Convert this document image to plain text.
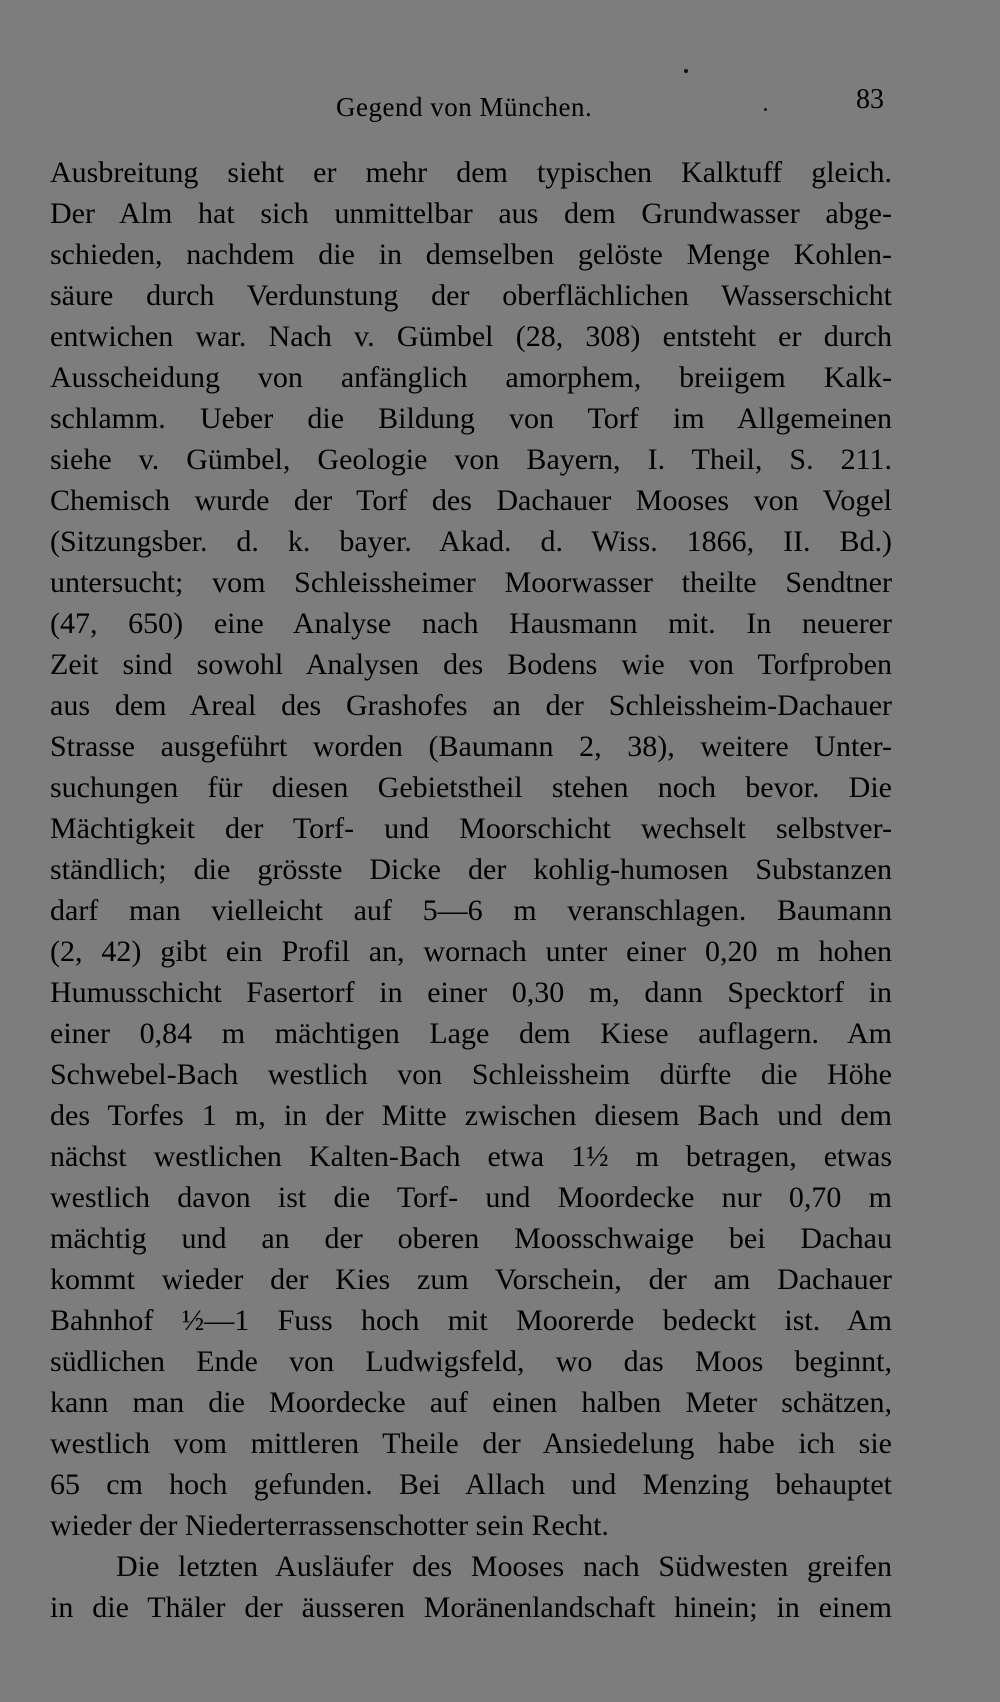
Gegend von München.	83
Ausbreitung sieht er mehr dem typischen Kalktuff gleich.
Der Alm hat sich unmittelbar aus dem Grundwasser abge-
schieden, nachdem die in demselben gelöste Menge Kohlen-
säure durch Verdunstung der oberflächlichen Wasserschicht
entwichen war. Nach v. Gümbel (28, 308) entsteht er durch
Ausscheidung von anfänglich amorphem, breiigem Kalk-
schlamm. Ueber die Bildung von Torf im Allgemeinen
siehe v. Gümbel, Geologie von Bayern, I. Theil, S. 211.
Chemisch wurde der Torf des Dachauer Mooses von Vogel
(Sitzungsber. d. k. bayer. Akad. d. Wiss. 1866, II. Bd.)
untersucht; vom Schleissheimer Moorwasser theilte Sendtner
(47, 650) eine Analyse nach Hausmann mit. In neuerer
Zeit sind sowohl Analysen des Bodens wie von Torfproben
aus dem Areal des Grashofes an der Schleissheim-Dachauer
Strasse ausgeführt worden (Baumann 2, 38), weitere Unter-
suchungen für diesen Gebietstheil stehen noch bevor. Die
Mächtigkeit der Torf- und Moorschicht wechselt selbstver-
ständlich; die grösste Dicke der kohlig-humosen Substanzen
darf man vielleicht auf 5—6 m veranschlagen. Baumann
(2, 42) gibt ein Profil an, wornach unter einer 0,20 m hohen
Humusschicht Fasertorf in einer 0,30 m, dann Specktorf in
einer 0,84 m mächtigen Lage dem Kiese auflagern. Am
Schwebel-Bach westlich von Schleissheim dürfte die Höhe
des Torfes 1 m, in der Mitte zwischen diesem Bach und dem
nächst westlichen Kalten-Bach etwa 1½ m betragen, etwas
westlich davon ist die Torf- und Moordecke nur 0,70 m
mächtig und an der oberen Moosschwaige bei Dachau
kommt wieder der Kies zum Vorschein, der am Dachauer
Bahnhof ½—1 Fuss hoch mit Moorerde bedeckt ist. Am
südlichen Ende von Ludwigsfeld, wo das Moos beginnt,
kann man die Moordecke auf einen halben Meter schätzen,
westlich vom mittleren Theile der Ansiedelung habe ich sie
65 cm hoch gefunden. Bei Allach und Menzing behauptet
wieder der Niederterrassenschotter sein Recht.
Die letzten Ausläufer des Mooses nach Südwesten greifen
in die Thäler der äusseren Moränenlandschaft hinein; in einem
